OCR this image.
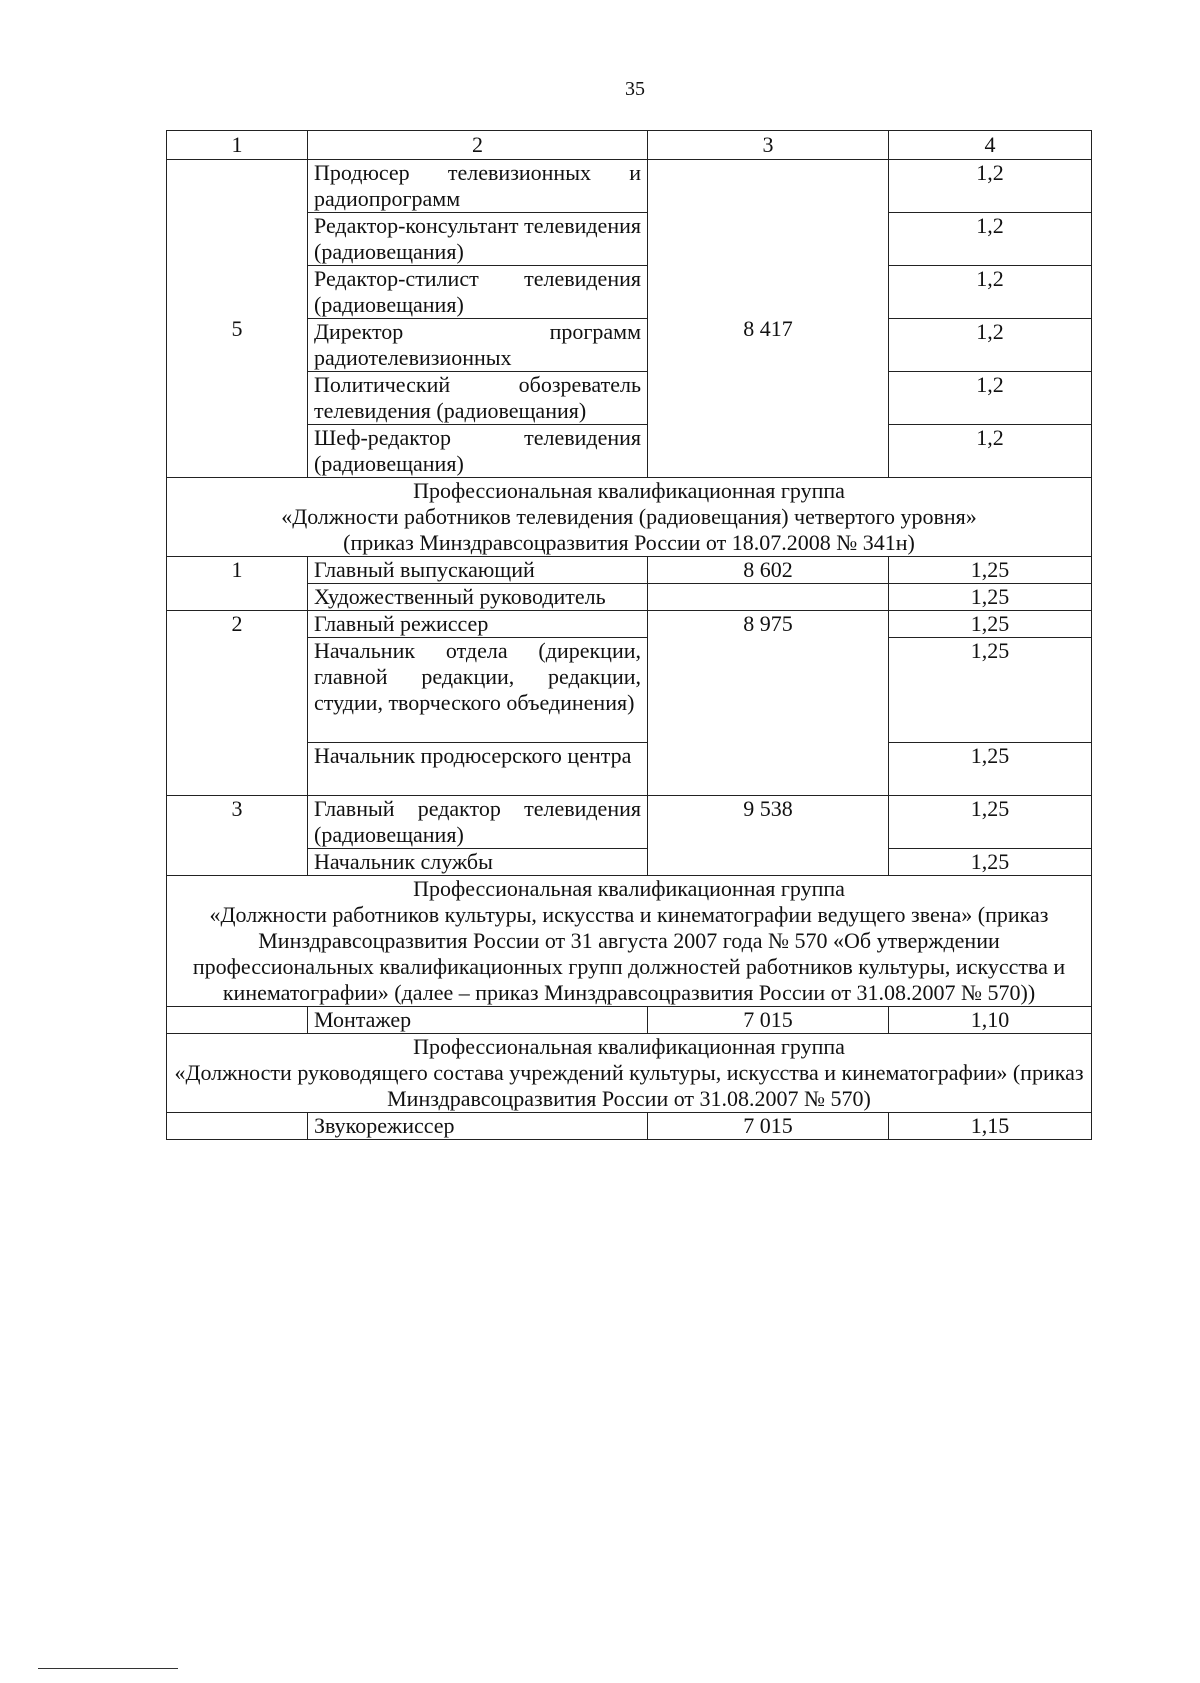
35
1	2	3	4

5	Продюсер телевизионных и радиопрограмм	8 417	1,2
	Редактор-консультант телевидения (радиовещания)		1,2
	Редактор-стилист телевидения (радиовещания)		1,2
	Директор программ радиотелевизионных		1,2
	Политический обозреватель телевидения (радиовещания)		1,2
	Шеф-редактор телевидения (радиовещания)		1,2

Профессиональная квалификационная группа
«Должности работников телевидения (радиовещания) четвертого уровня»
(приказ Минздравсоцразвития России от 18.07.2008 № 341н)			

1	Главный выпускающий	8 602	1,25
	Художественный руководитель		1,25
2	Главный режиссер	8 975	1,25
	Начальник отдела (дирекции, главной редакции, редакции, студии, творческого объединения)		1,25
	Начальник продюсерского центра		1,25
3	Главный редактор телевидения (радиовещания)	9 538	1,25
	Начальник службы		1,25

Профессиональная квалификационная группа
«Должности работников культуры, искусства и кинематографии ведущего звена» (приказ Минздравсоцразвития России от 31 августа 2007 года № 570 «Об утверждении профессиональных квалификационных групп должностей работников культуры, искусства и кинематографии» (далее – приказ Минздравсоцразвития России от 31.08.2007 № 570))			

	Монтажер	7 015	1,10

Профессиональная квалификационная группа
«Должности руководящего состава учреждений культуры, искусства и кинематографии» (приказ Минздравсоцразвития России от 31.08.2007 № 570)			

	Звукорежиссер	7 015	1,15
